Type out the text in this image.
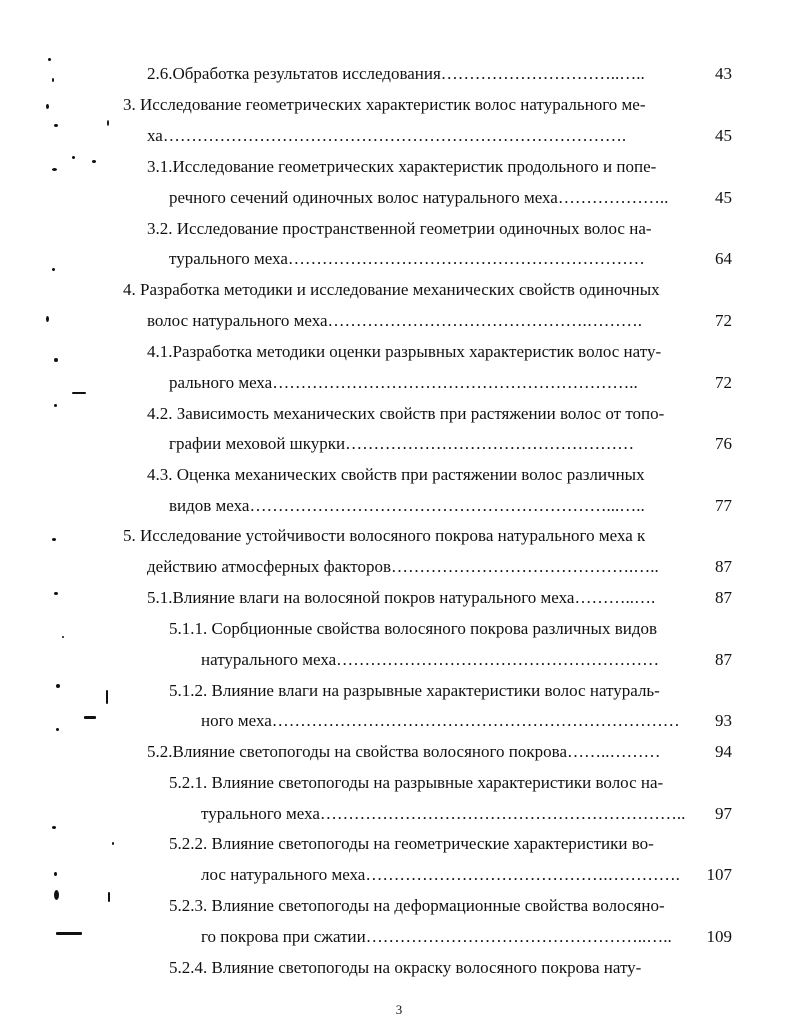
2.6.Обработка результатов исследования…………………………..…..	43
3. Исследование геометрических характеристик волос натурального ме-
ха……………………………………………………………………….	45
3.1.Исследование геометрических характеристик продольного и попе-
речного сечений одиночных волос натурального меха………………..	45
3.2. Исследование пространственной геометрии одиночных волос на-
турального меха………………………………………………………	64
4. Разработка методики и исследование механических свойств одиночных
волос натурального меха……………………………………….……….	72
4.1.Разработка методики оценки разрывных характеристик волос нату-
рального меха………………………………………………………..	72
4.2. Зависимость механических свойств при растяжении волос от топо-
графии меховой шкурки……………………………………………	76
4.3. Оценка механических свойств при растяжении волос различных
видов меха………………………………………………………...…..	77
5. Исследование устойчивости волосяного покрова натурального меха к
действию атмосферных факторов…………………………………….…..	87
5.1.Влияние влаги на волосяной покров натурального меха………..….	87
5.1.1. Сорбционные свойства волосяного покрова различных видов
натурального меха…………………………………………………	87
5.1.2. Влияние влаги на разрывные характеристики волос натураль-
ного меха………………………………………………………………	93
5.2.Влияние светопогоды на свойства волосяного покрова……..………	94
5.2.1. Влияние светопогоды на разрывные характеристики волос на-
турального меха………………………………………………………..	97
5.2.2. Влияние светопогоды на геометрические характеристики во-
лос натурального меха…………………………………….………….	107
5.2.3. Влияние светопогоды на деформационные свойства волосяно-
го покрова при сжатии…………………………………………..…..	109
5.2.4. Влияние светопогоды на окраску волосяного покрова нату-
3
